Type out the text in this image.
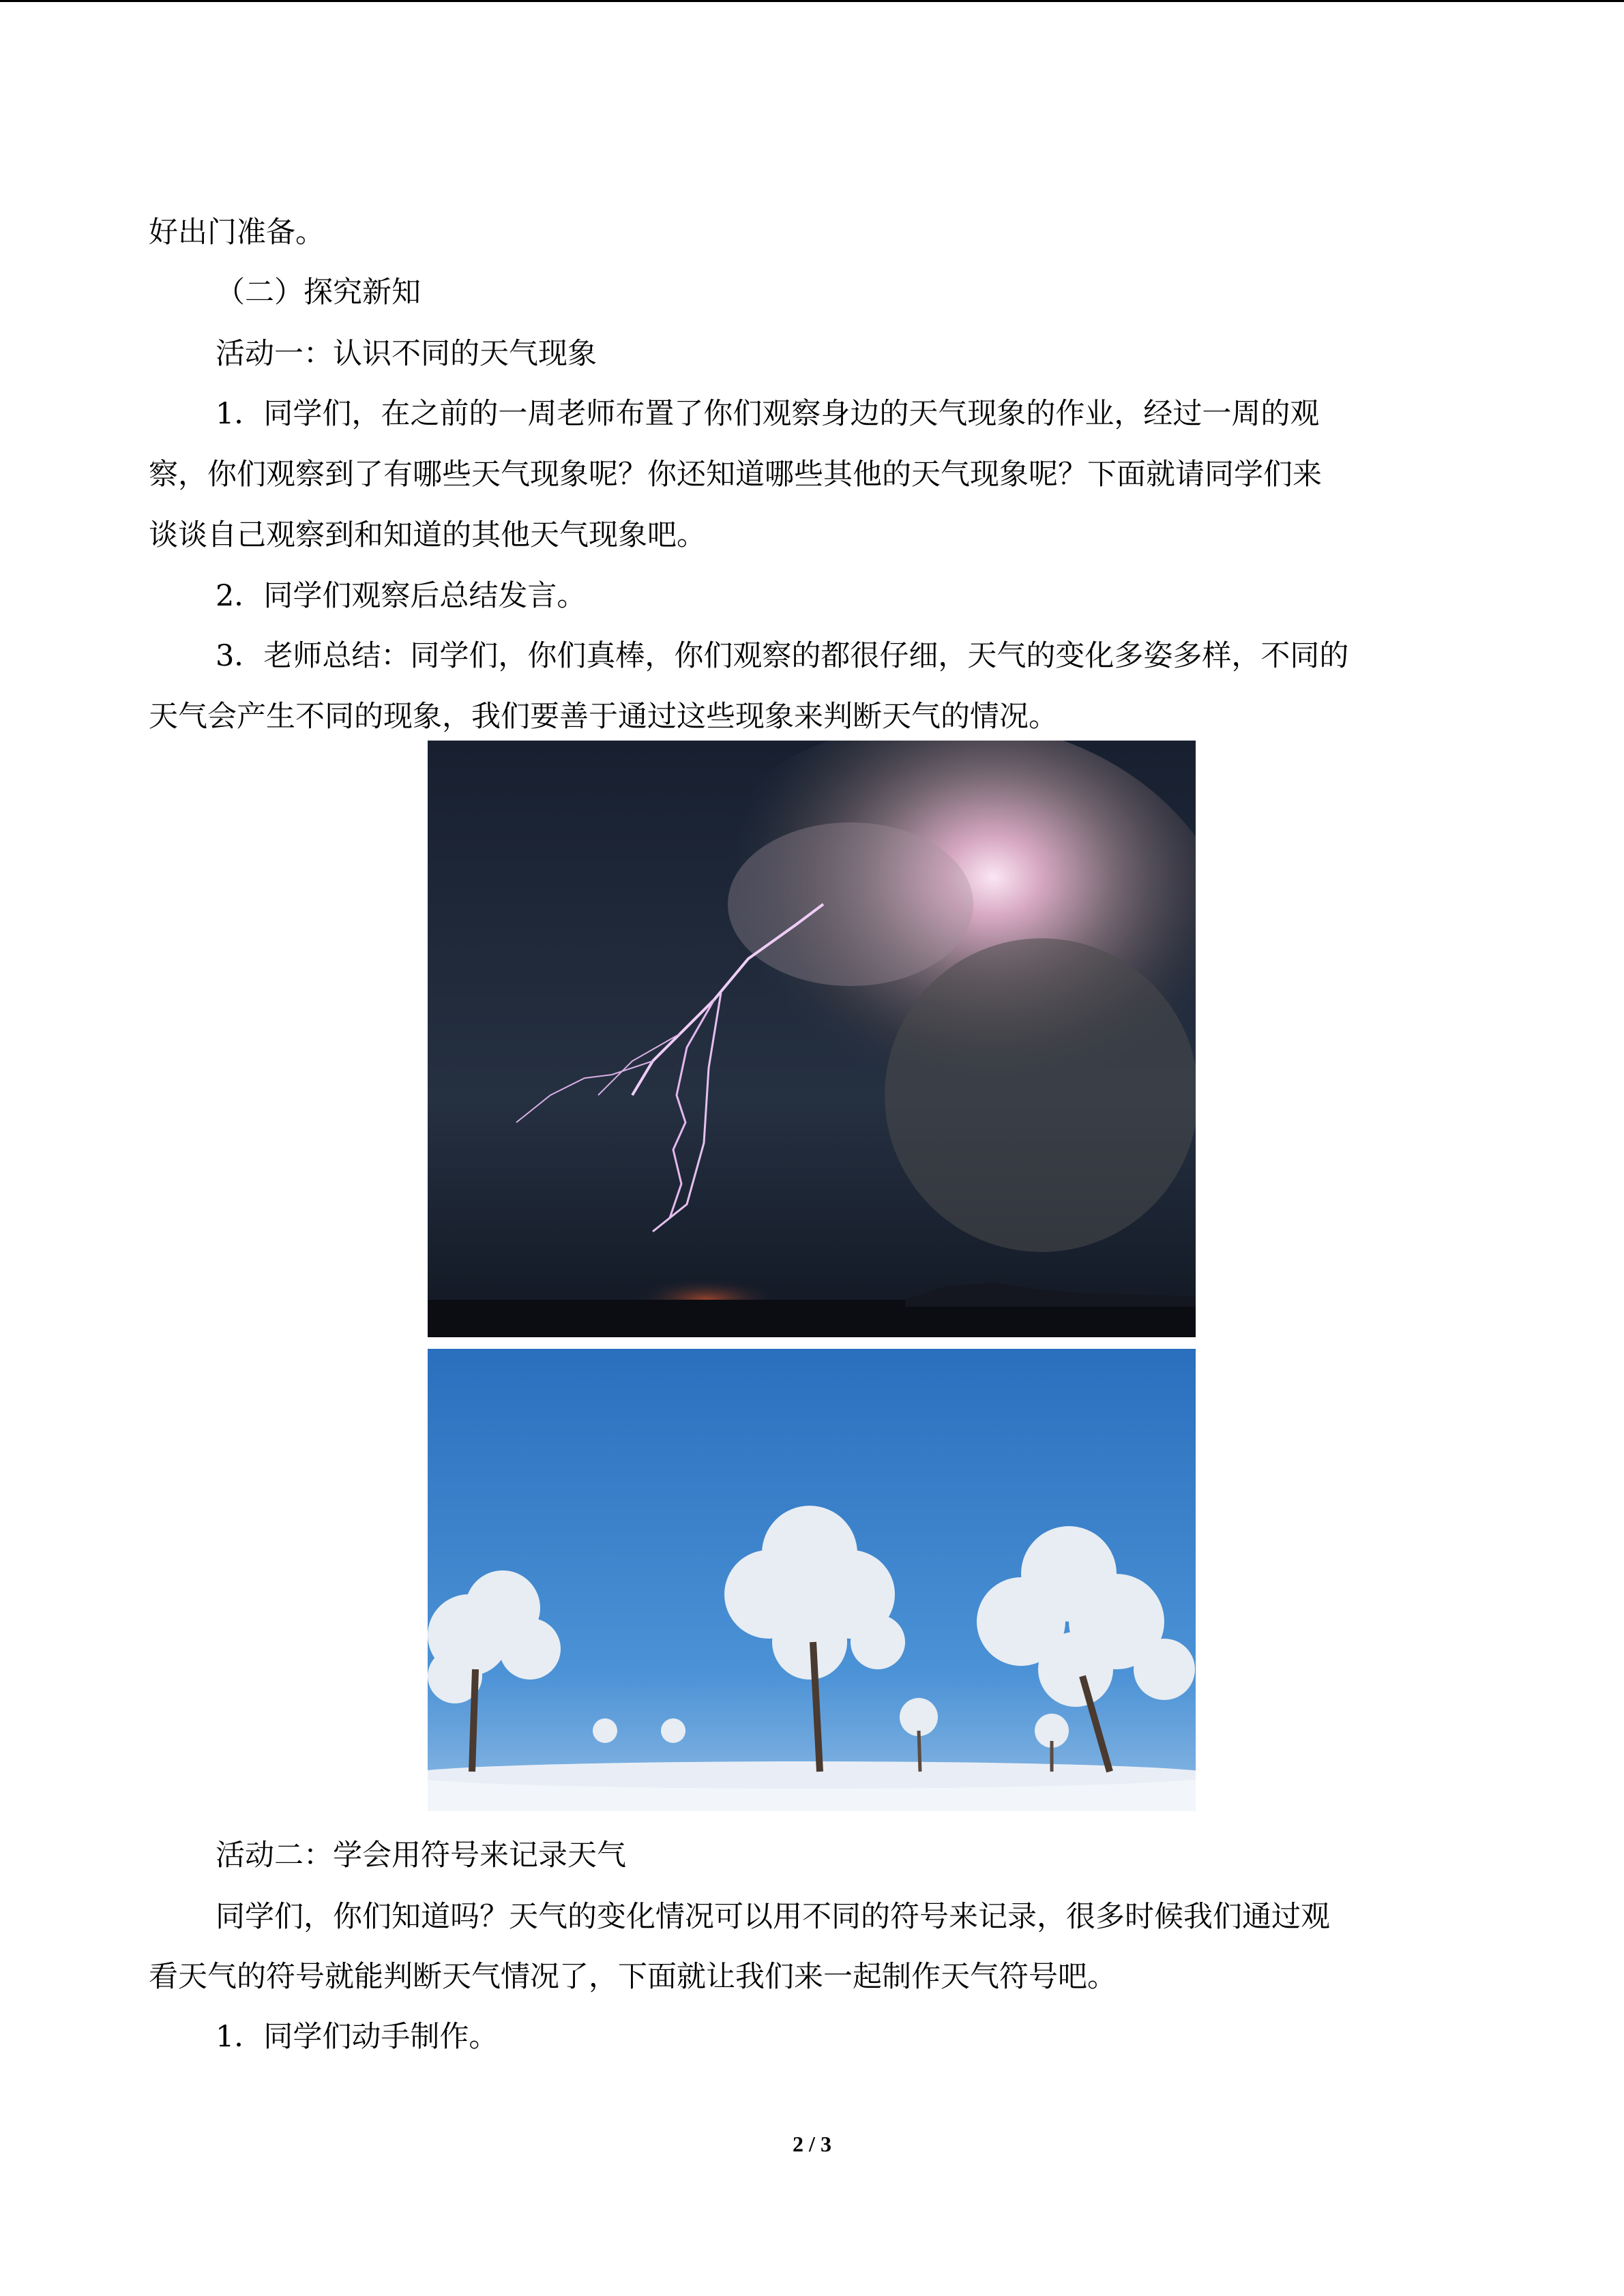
好出门准备。
（二）探究新知
活动一：认识不同的天气现象
1．同学们，在之前的一周老师布置了你们观察身边的天气现象的作业，经过一周的观
察，你们观察到了有哪些天气现象呢？你还知道哪些其他的天气现象呢？下面就请同学们来
谈谈自己观察到和知道的其他天气现象吧。
2．同学们观察后总结发言。
3．老师总结：同学们，你们真棒，你们观察的都很仔细，天气的变化多姿多样，不同的
天气会产生不同的现象，我们要善于通过这些现象来判断天气的情况。
活动二：学会用符号来记录天气
同学们，你们知道吗？天气的变化情况可以用不同的符号来记录，很多时候我们通过观
看天气的符号就能判断天气情况了，下面就让我们来一起制作天气符号吧。
1．同学们动手制作。
2 / 3
